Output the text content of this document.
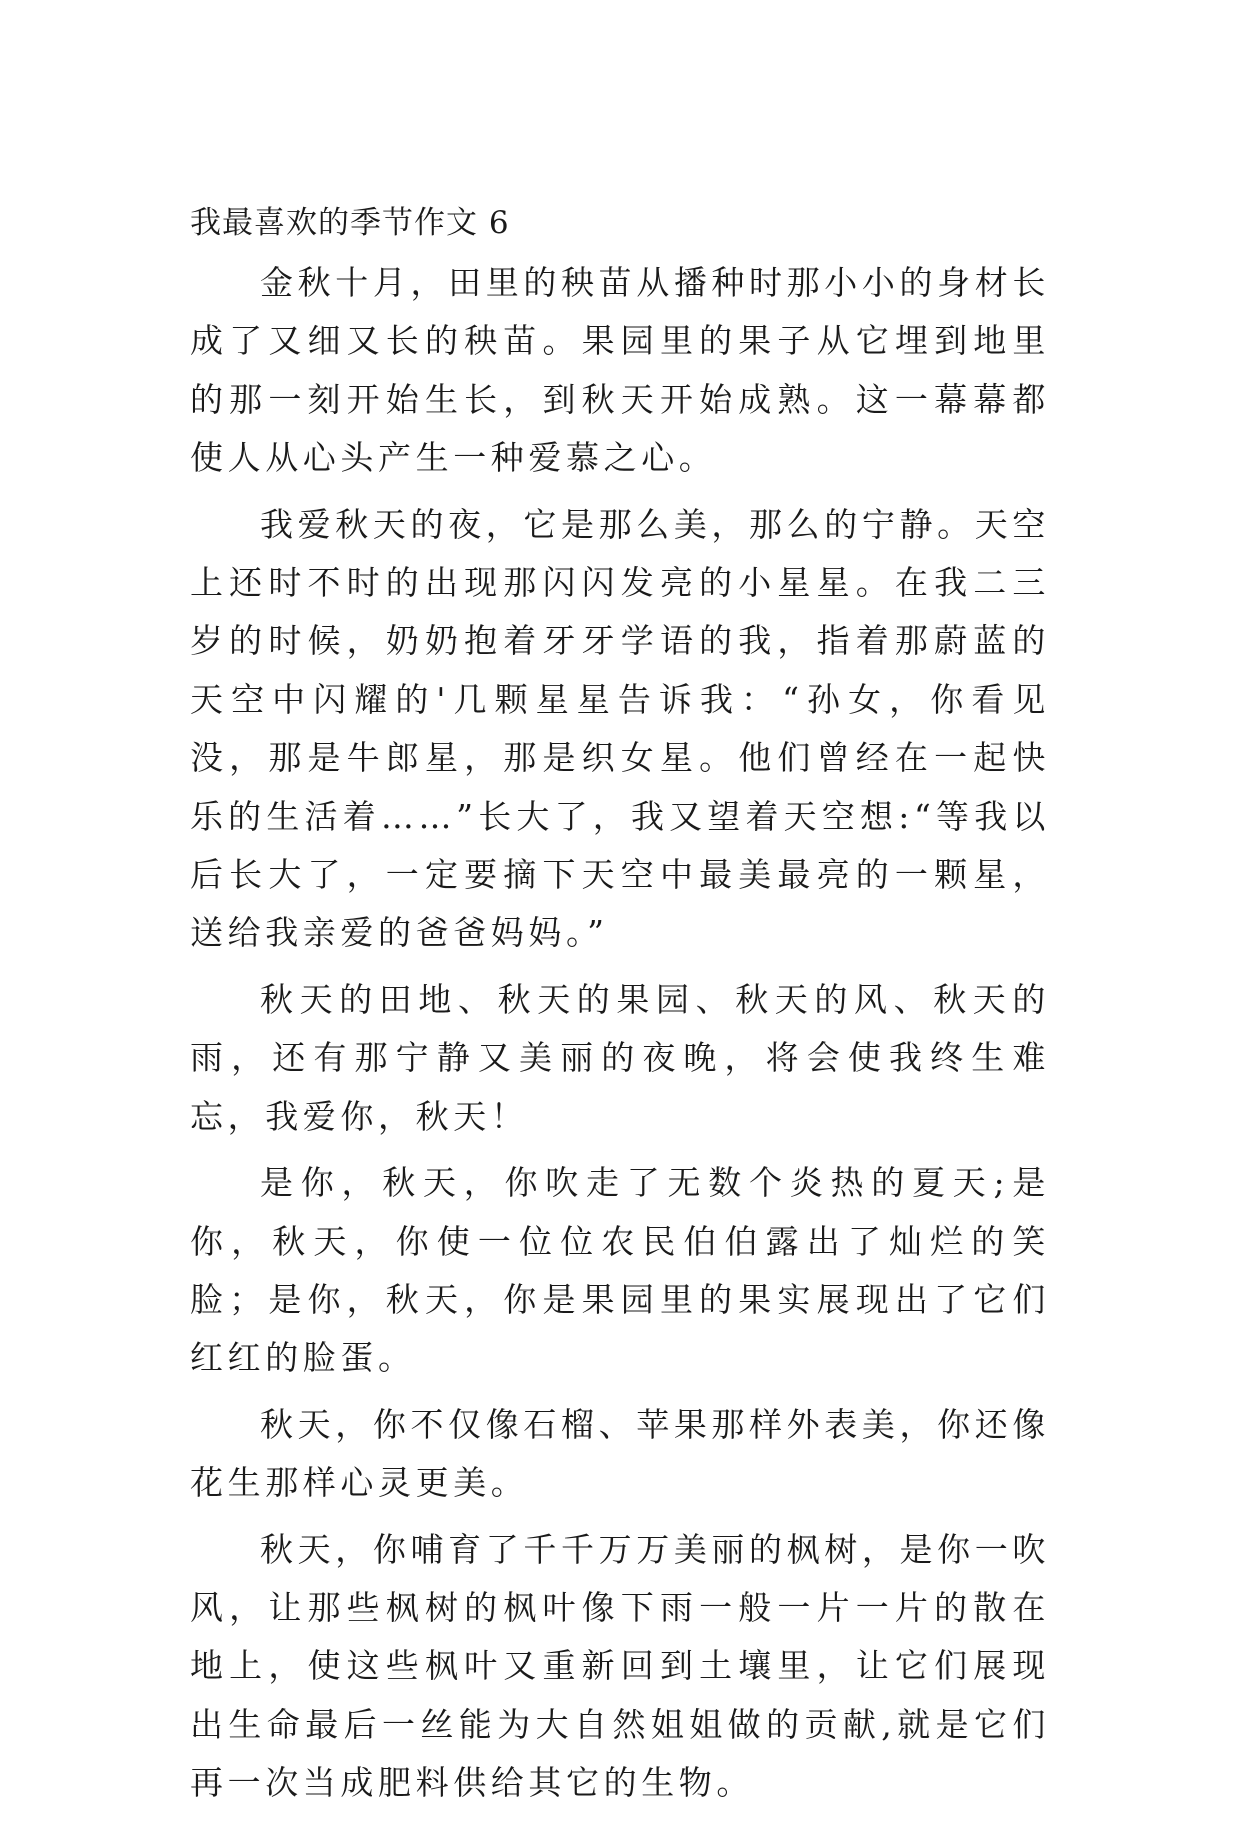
我最喜欢的季节作文 6

金秋十月，田里的秧苗从播种时那小小的身材长成了又细又长的秧苗。果园里的果子从它埋到地里的那一刻开始生长，到秋天开始成熟。这一幕幕都使人从心头产生一种爱慕之心。

我爱秋天的夜，它是那么美，那么的宁静。天空上还时不时的出现那闪闪发亮的小星星。在我二三岁的时候，奶奶抱着牙牙学语的我，指着那蔚蓝的天空中闪耀的'几颗星星告诉我：“孙女，你看见没，那是牛郎星，那是织女星。他们曾经在一起快乐的生活着……”长大了，我又望着天空想:“等我以后长大了，一定要摘下天空中最美最亮的一颗星，送给我亲爱的爸爸妈妈。”

秋天的田地、秋天的果园、秋天的风、秋天的雨，还有那宁静又美丽的夜晚，将会使我终生难忘，我爱你，秋天！

是你，秋天，你吹走了无数个炎热的夏天;是你，秋天，你使一位位农民伯伯露出了灿烂的笑脸；是你，秋天，你是果园里的果实展现出了它们红红的脸蛋。

秋天，你不仅像石榴、苹果那样外表美，你还像花生那样心灵更美。

秋天，你哺育了千千万万美丽的枫树，是你一吹风，让那些枫树的枫叶像下雨一般一片一片的散在地上，使这些枫叶又重新回到土壤里，让它们展现出生命最后一丝能为大自然姐姐做的贡献,就是它们再一次当成肥料供给其它的生物。
